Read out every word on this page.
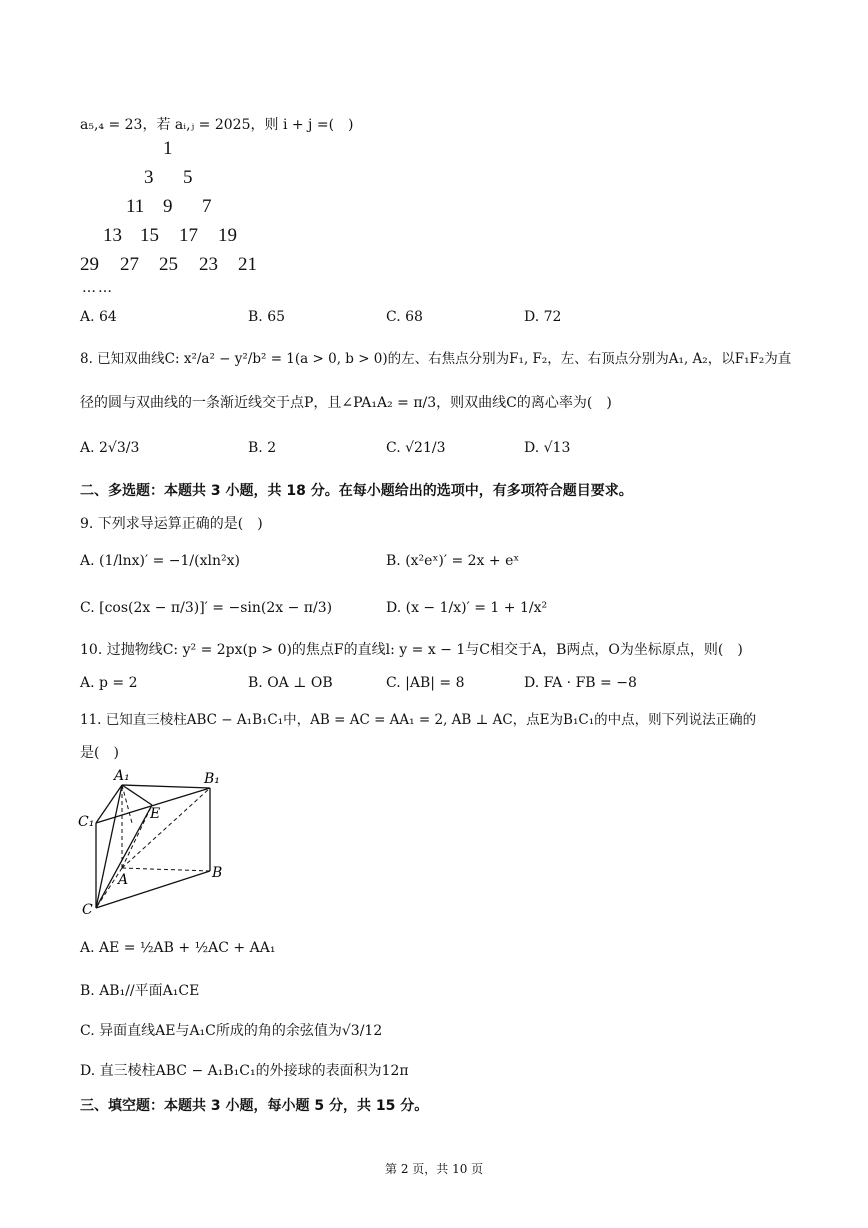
a₅,₄ = 23，若 aᵢ,ⱼ = 2025，则 i + j =(　)
1
3 5
11 9 7
13 15 17 19
29 27 25 23 21
……
A. 64	B. 65	C. 68	D. 72
8. 已知双曲线C: x²/a² − y²/b² = 1(a > 0, b > 0)的左、右焦点分别为F₁, F₂，左、右顶点分别为A₁, A₂，以F₁F₂为直
径的圆与双曲线的一条渐近线交于点P，且∠PA₁A₂ = π/3，则双曲线C的离心率为(　)
A. 2√3/3	B. 2	C. √21/3	D. √13
二、多选题：本题共 3 小题，共 18 分。在每小题给出的选项中，有多项符合题目要求。
9. 下列求导运算正确的是(　)
A. (1/lnx)′ = −1/(xln²x)	B. (x²eˣ)′ = 2x + eˣ
C. [cos(2x − π/3)]′ = −sin(2x − π/3)	D. (x − 1/x)′ = 1 + 1/x²
10. 过抛物线C: y² = 2px(p > 0)的焦点F的直线l: y = x − 1与C相交于A，B两点，O为坐标原点，则(　)
A. p = 2	B. OA ⊥ OB	C. |AB| = 8	D. FA · FB = −8
11. 已知直三棱柱ABC − A₁B₁C₁中，AB = AC = AA₁ = 2, AB ⊥ AC，点E为B₁C₁的中点，则下列说法正确的
是(　)
A₁	B₁
C₁	E
A	B
C
A. AE = ½AB + ½AC + AA₁
B. AB₁//平面A₁CE
C. 异面直线AE与A₁C所成的角的余弦值为√3/12
D. 直三棱柱ABC − A₁B₁C₁的外接球的表面积为12π
三、填空题：本题共 3 小题，每小题 5 分，共 15 分。
第 2 页，共 10 页
